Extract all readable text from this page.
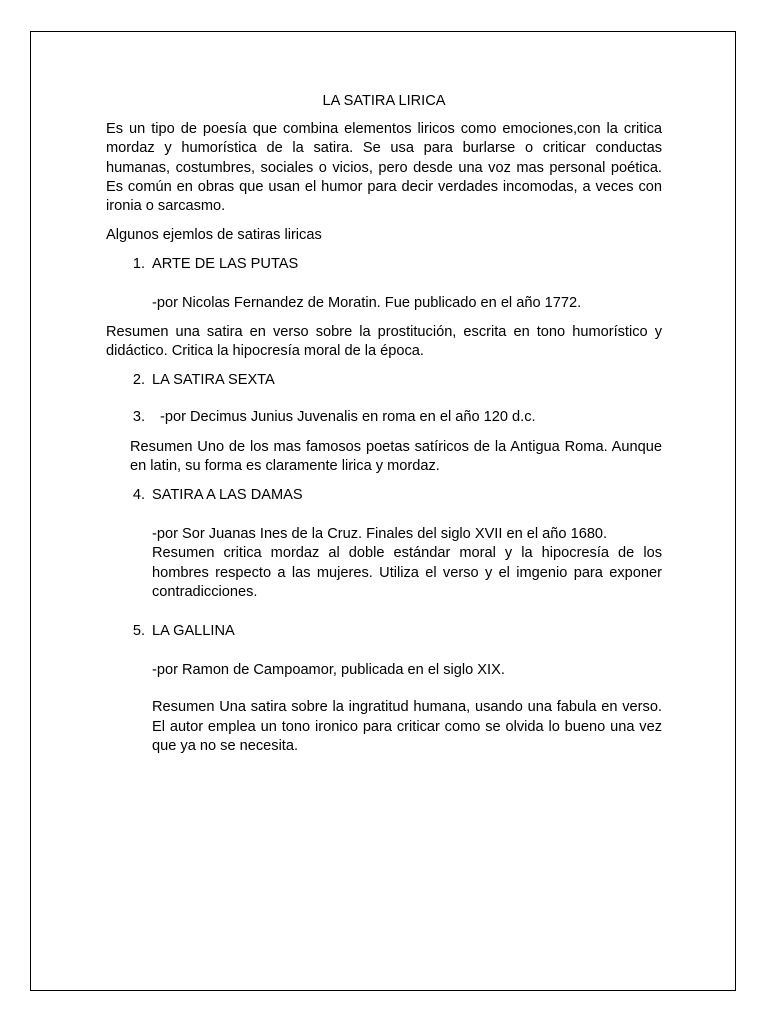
LA SATIRA LIRICA

Es un tipo de poesía que combina elementos liricos como emociones,con la critica mordaz y humorística de la satira. Se usa para burlarse o criticar conductas humanas, costumbres, sociales o vicios, pero desde una voz mas personal poética. Es común en obras que usan el humor para decir verdades incomodas, a veces con ironia o sarcasmo.

Algunos ejemlos de satiras liricas

1. ARTE DE LAS PUTAS

-por Nicolas Fernandez de Moratin. Fue publicado en el año 1772.

Resumen una satira en verso sobre la prostitución, escrita en tono humorístico y didáctico. Critica la hipocresía moral de la época.

2. LA SATIRA SEXTA
3. -por Decimus Junius Juvenalis en roma en el año 120 d.c.

Resumen Uno de los mas famosos poetas satíricos de la Antigua Roma. Aunque en latin, su forma es claramente lirica y mordaz.

4. SATIRA A LAS DAMAS

-por Sor Juanas Ines de la Cruz. Finales del siglo XVII en el año 1680.

Resumen critica mordaz al doble estándar moral y la hipocresía de los hombres respecto a las mujeres. Utiliza el verso y el imgenio para exponer contradicciones.

5. LA GALLINA

-por Ramon de Campoamor, publicada en el siglo XIX.

Resumen Una satira sobre la ingratitud humana, usando una fabula en verso. El autor emplea un tono ironico para criticar como se olvida lo bueno una vez que ya no se necesita.
